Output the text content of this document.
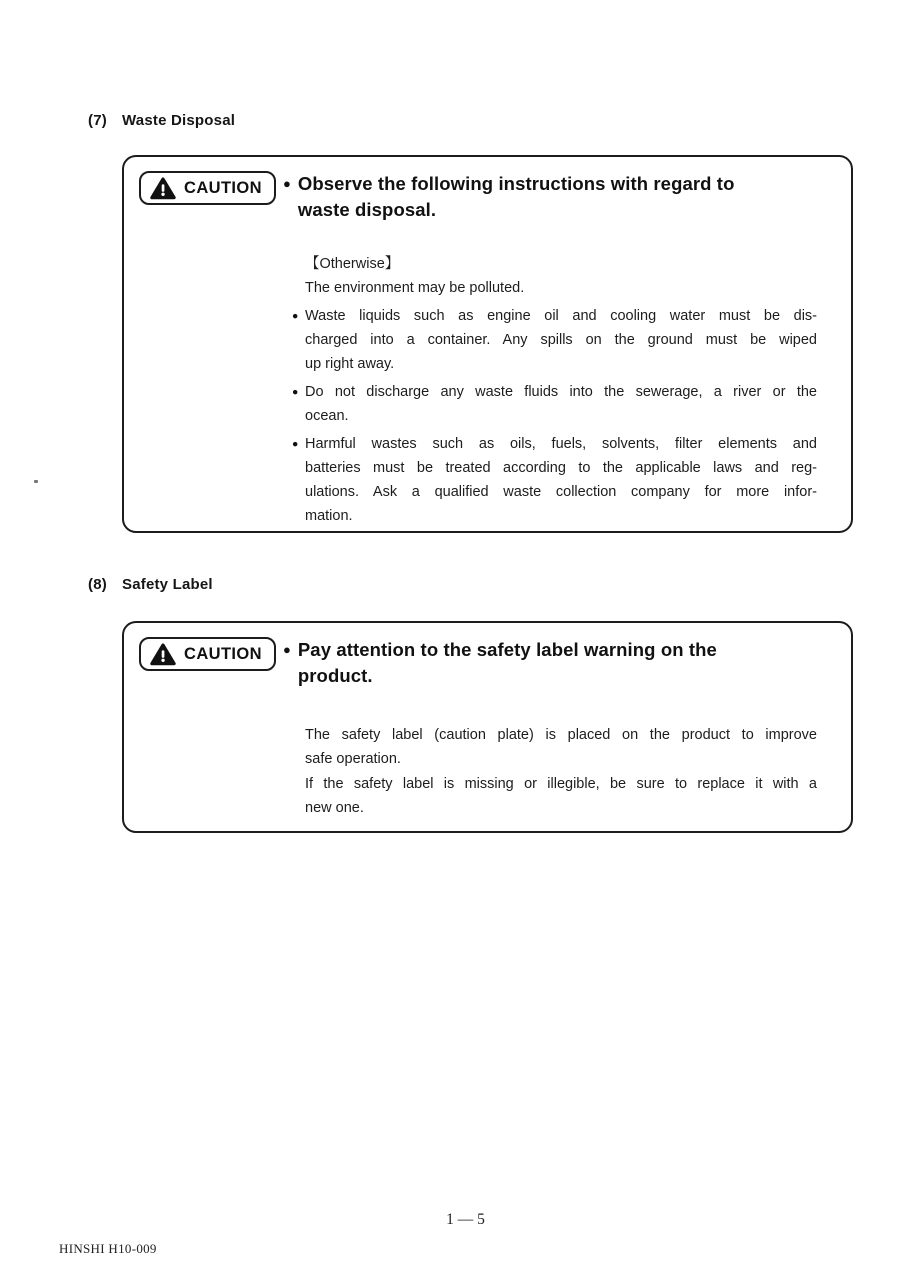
(7)	Waste Disposal
CAUTION ● Observe the following instructions with regard to
waste disposal.
【Otherwise】
The environment may be polluted.
● Waste liquids such as engine oil and cooling water must be dis-
charged into a container. Any spills on the ground must be wiped
up right away.
● Do not discharge any waste fluids into the sewerage, a river or the
ocean.
● Harmful wastes such as oils, fuels, solvents, filter elements and
batteries must be treated according to the applicable laws and reg-
ulations. Ask a qualified waste collection company for more infor-
mation.
(8)	Safety Label
CAUTION ● Pay attention to the safety label warning on the
product.
The safety label (caution plate) is placed on the product to improve
safe operation.
If the safety label is missing or illegible, be sure to replace it with a
new one.
1 — 5
HINSHI H10-009
